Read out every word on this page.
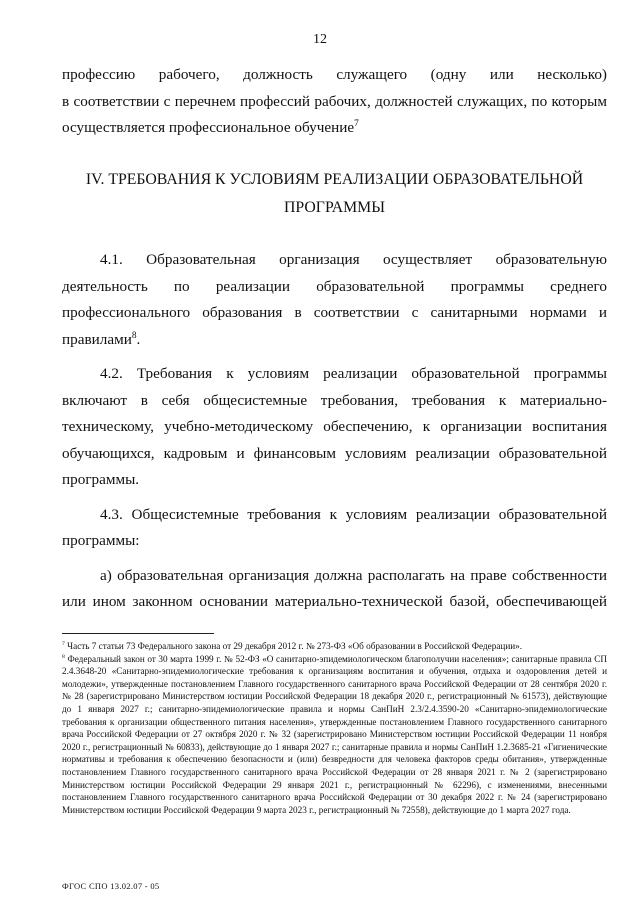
12

профессию рабочего, должность служащего (одну или несколько)

в соответствии с перечнем профессий рабочих, должностей служащих, по которым осуществляется профессиональное обучение$^7$

IV. ТРЕБОВАНИЯ К УСЛОВИЯМ РЕАЛИЗАЦИИ ОБРАЗОВАТЕЛЬНОЙ
ПРОГРАММЫ

4.1. Образовательная организация осуществляет образовательную деятельность по реализации образовательной программы среднего профессионального образования в соответствии с санитарными нормами и правилами$^8$.

4.2. Требования к условиям реализации образовательной программы включают в себя общесистемные требования, требования к материально-техническому, учебно-методическому обеспечению, к организации воспитания обучающихся, кадровым и финансовым условиям реализации образовательной программы.

4.3. Общесистемные требования к условиям реализации образовательной программы:

а) образовательная организация должна располагать на праве собственности или ином законном основании материально-технической базой, обеспечивающей

$^7$ Часть 7 статьи 73 Федерального закона от 29 декабря 2012 г. № 273-ФЗ «Об образовании в Российской Федерации».

$^8$ Федеральный закон от 30 марта 1999 г. № 52-ФЗ «О санитарно-эпидемиологическом благополучии населения»; санитарные правила СП 2.4.3648-20 «Санитарно-эпидемиологические требования к организациям воспитания и обучения, отдыха и оздоровления детей и молодежи», утвержденные постановлением Главного государственного санитарного врача Российской Федерации от 28 сентября 2020 г. № 28 (зарегистрировано Министерством юстиции Российской Федерации 18 декабря 2020 г., регистрационный № 61573), действующие до 1 января 2027 г.; санитарно-эпидемиологические правила и нормы СанПиН 2.3/2.4.3590-20 «Санитарно-эпидемиологические требования к организации общественного питания населения», утвержденные постановлением Главного государственного санитарного врача Российской Федерации от 27 октября 2020 г. № 32 (зарегистрировано Министерством юстиции Российской Федерации 11 ноября 2020 г., регистрационный № 60833), действующие до 1 января 2027 г.; санитарные правила и нормы СанПиН 1.2.3685-21 «Гигиенические нормативы и требования к обеспечению безопасности и (или) безвредности для человека факторов среды обитания», утвержденные постановлением Главного государственного санитарного врача Российской Федерации от 28 января 2021 г. № 2 (зарегистрировано Министерством юстиции Российской Федерации 29 января 2021 г., регистрационный № 62296), с изменениями, внесенными постановлением Главного государственного санитарного врача Российской Федерации от 30 декабря 2022 г. № 24 (зарегистрировано Министерством юстиции Российской Федерации 9 марта 2023 г., регистрационный № 72558), действующие до 1 марта 2027 года.

ФГОС СПО 13.02.07 - 05
